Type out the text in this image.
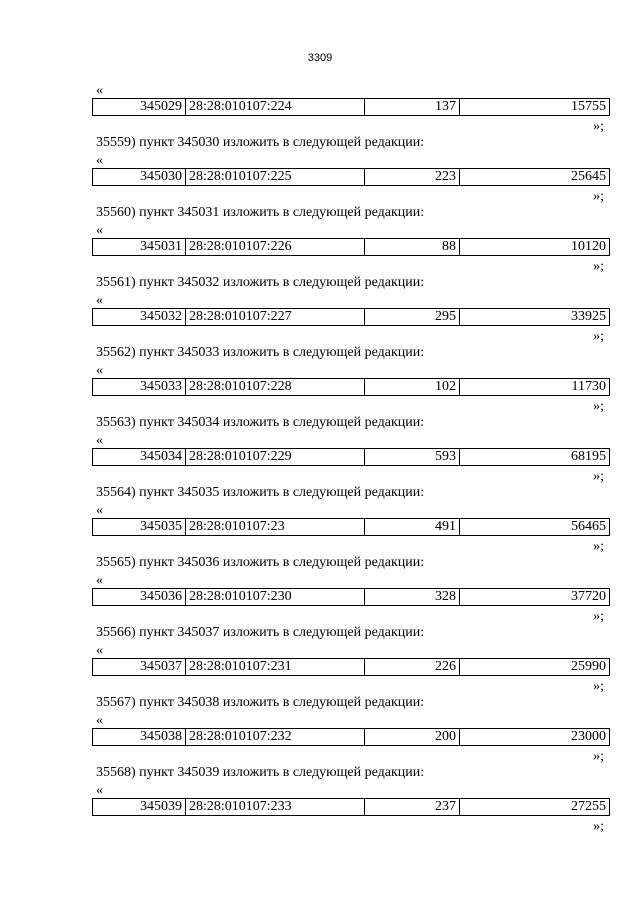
3309
«
345029	28:28:010107:224	137	15755
»;
35559) пункт 345030 изложить в следующей редакции:
«
345030	28:28:010107:225	223	25645
»;
35560) пункт 345031 изложить в следующей редакции:
«
345031	28:28:010107:226	88	10120
»;
35561) пункт 345032 изложить в следующей редакции:
«
345032	28:28:010107:227	295	33925
»;
35562) пункт 345033 изложить в следующей редакции:
«
345033	28:28:010107:228	102	11730
»;
35563) пункт 345034 изложить в следующей редакции:
«
345034	28:28:010107:229	593	68195
»;
35564) пункт 345035 изложить в следующей редакции:
«
345035	28:28:010107:23	491	56465
»;
35565) пункт 345036 изложить в следующей редакции:
«
345036	28:28:010107:230	328	37720
»;
35566) пункт 345037 изложить в следующей редакции:
«
345037	28:28:010107:231	226	25990
»;
35567) пункт 345038 изложить в следующей редакции:
«
345038	28:28:010107:232	200	23000
»;
35568) пункт 345039 изложить в следующей редакции:
«
345039	28:28:010107:233	237	27255
»;
